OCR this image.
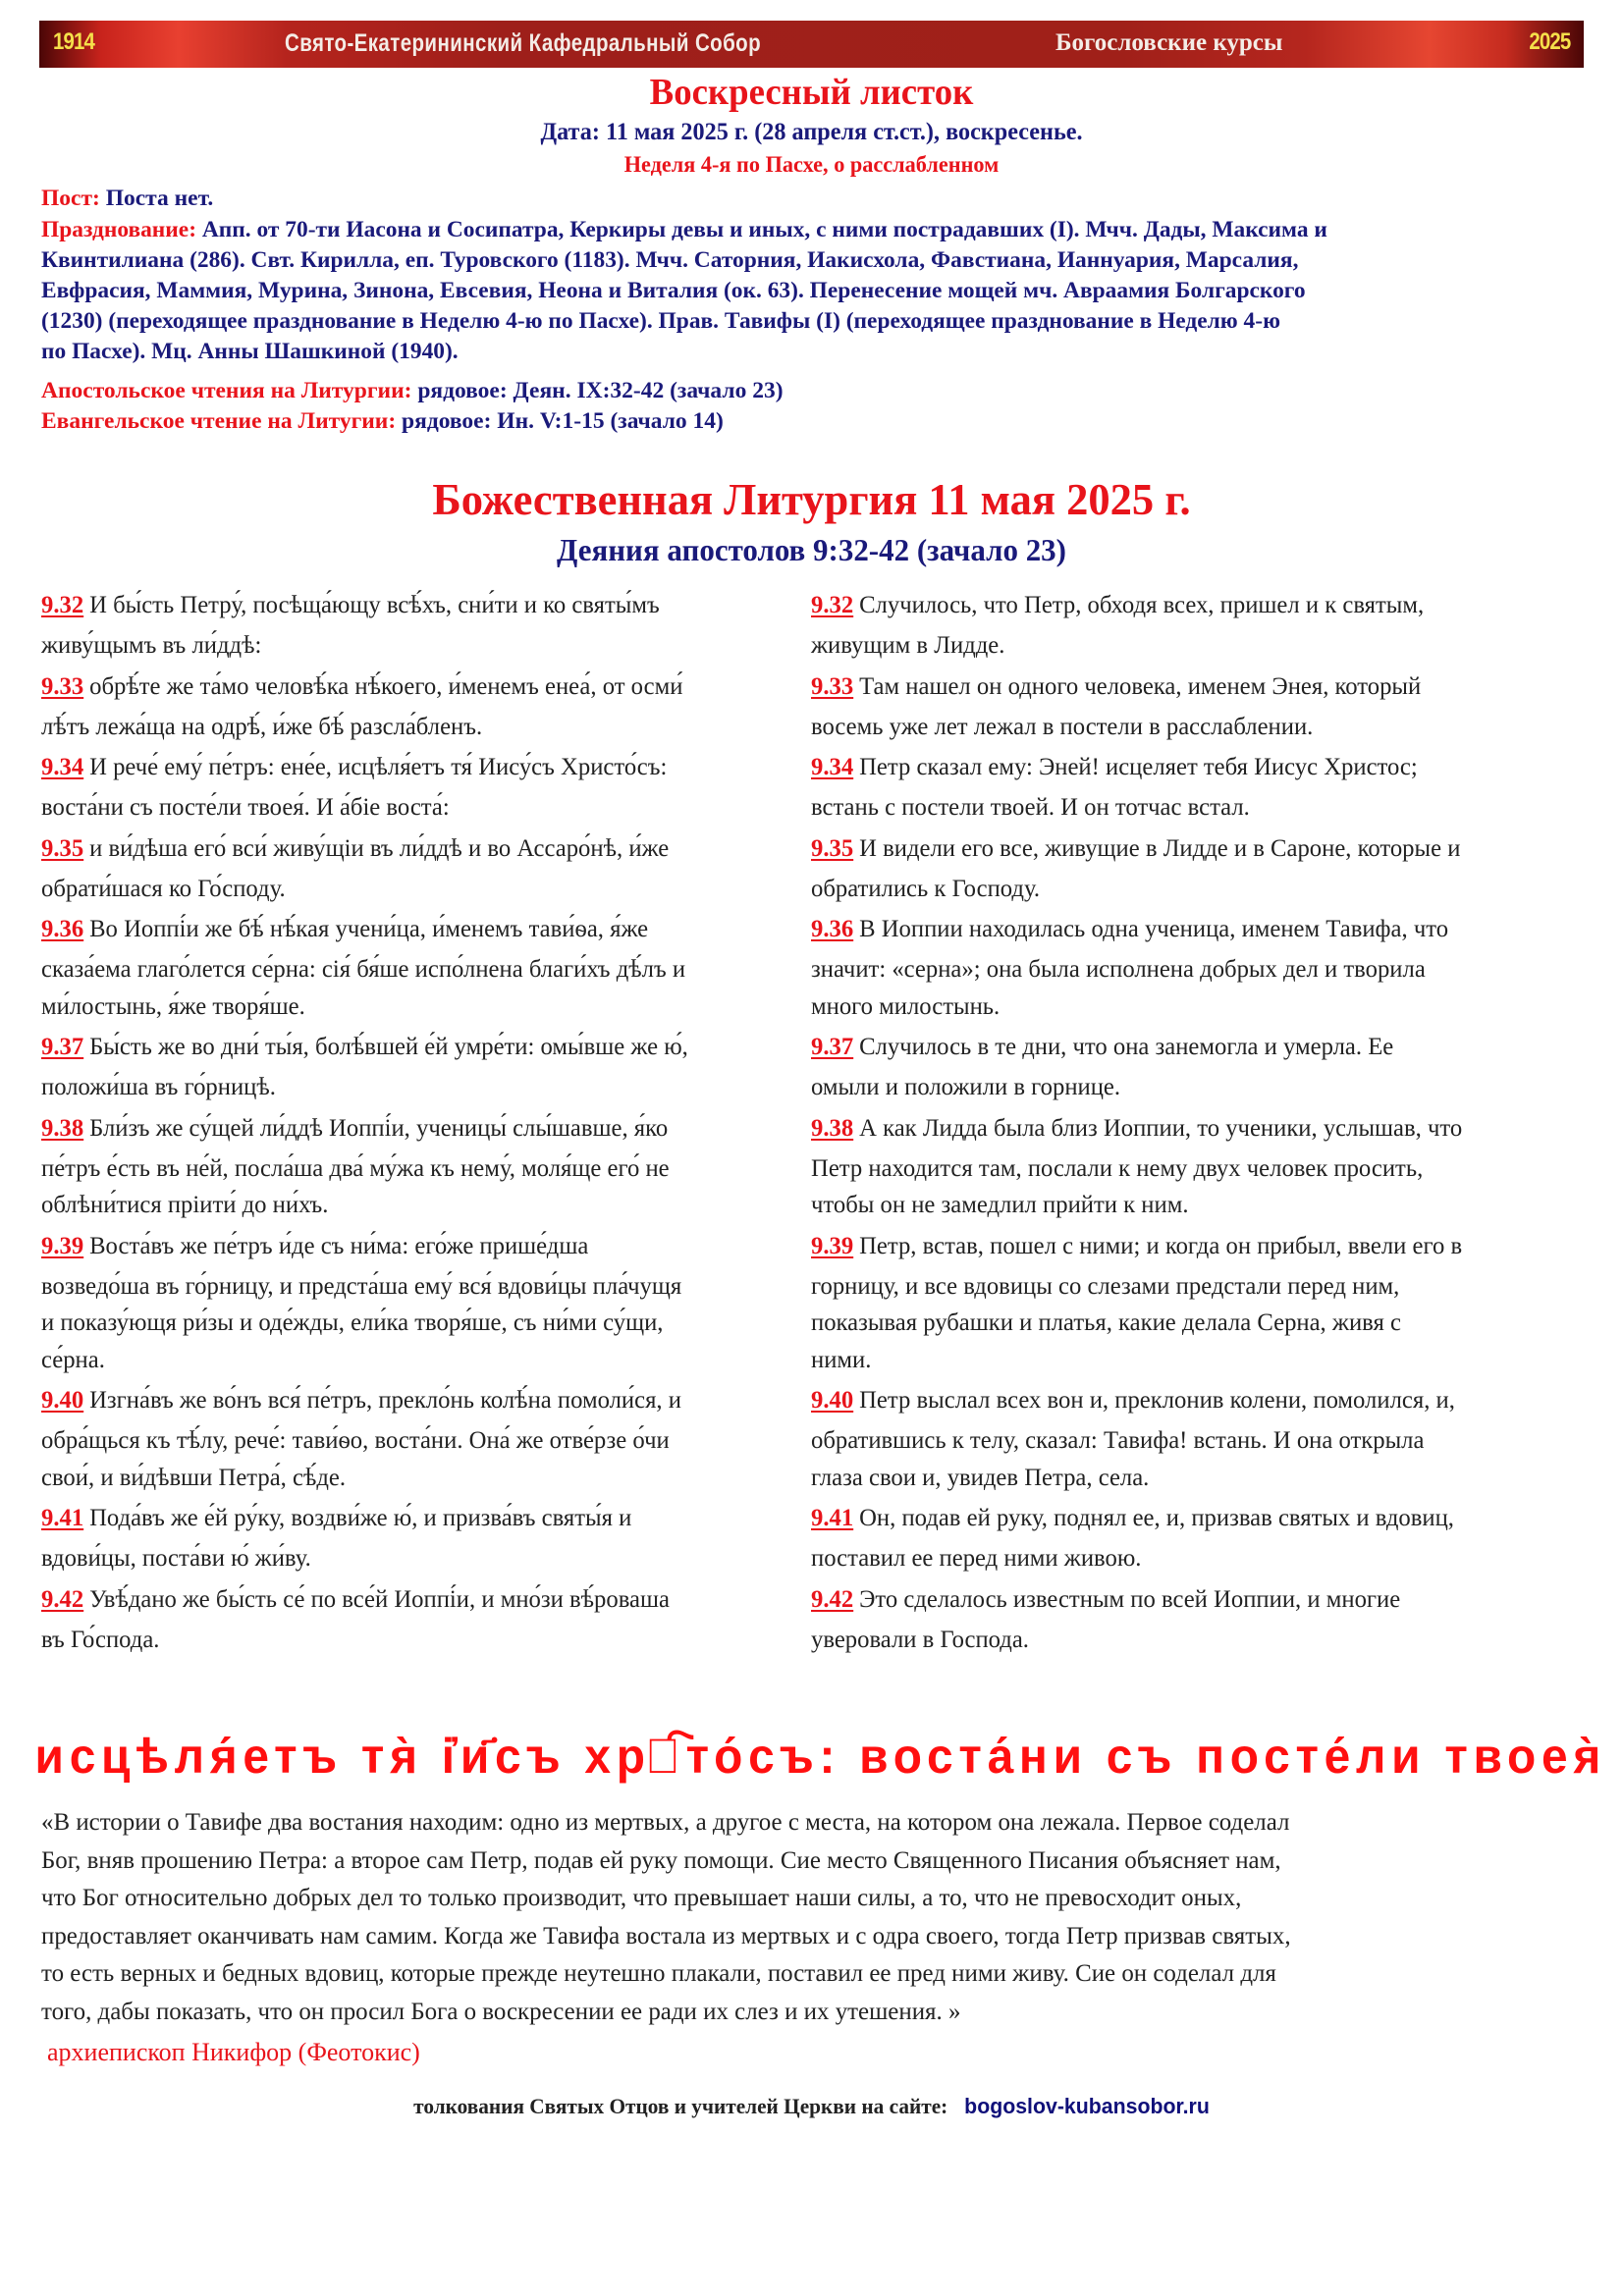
1914	Свято-Екатерининский Кафедральный Собор	Богословские курсы	2025
Воскресный листок
Дата: 11 мая 2025 г. (28 апреля ст.ст.), воскресенье.
Неделя 4-я по Пасхе, о расслабленном
Пост: Поста нет.
Празднование: Апп. от 70-ти Иасона и Сосипатра, Керкиры девы и иных, с ними пострадавших (I). Мчч. Дады, Максима и
Квинтилиана (286). Свт. Кирилла, еп. Туровского (1183). Мчч. Саторния, Иакисхола, Фавстиана, Ианнуария, Марсалия,
Евфрасия, Маммия, Мурина, Зинона, Евсевия, Неона и Виталия (ок. 63). Перенесение мощей мч. Авраамия Болгарского
(1230) (переходящее празднование в Неделю 4-ю по Пасхе). Прав. Тавифы (I) (переходящее празднование в Неделю 4-ю
по Пасхе). Мц. Анны Шашкиной (1940).
Апостольское чтения на Литургии: рядовое: Деян. IX:32-42 (зачало 23)
Евангельское чтение на Литугии: рядовое: Ин. V:1-15 (зачало 14)
Божественная Литургия 11 мая 2025 г.
Деяния апостолов 9:32-42 (зачало 23)
9.32 И бы́сть Петру́, посѣща́ющу всѣ́хъ, сни́ти и ко святы́мъ
живу́щымъ въ ли́ддѣ:
9.33 обрѣ́те же та́мо человѣ́ка нѣ́коего, и́менемъ енеа́, от осми́
лѣ́тъ лежа́ща на одрѣ́, и́же бѣ́ разсла́бленъ.
9.34 И рече́ ему́ пе́тръ: ене́е, исцѣля́етъ тя́ Иису́съ Христо́съ:
воста́ни съ посте́ли твоея́. И а́біе воста́:
9.35 и ви́дѣша его́ вси́ живу́щіи въ ли́ддѣ и во Ассаро́нѣ, и́же
обрати́шася ко Го́споду.
9.36 Во Иоппі́и же бѣ́ нѣ́кая учени́ца, и́менемъ тави́ѳа, я́же
сказа́ема глаго́лется се́рна: сія́ бя́ше испо́лнена благи́хъ дѣ́лъ и
ми́лостынь, я́же творя́ше.
9.37 Бы́сть же во дни́ ты́я, болѣ́вшей е́й умре́ти: омы́вше же ю́,
положи́ша въ го́рницѣ.
9.38 Бли́зъ же су́щей ли́ддѣ Иоппі́и, ученицы́ слы́шавше, я́ко
пе́тръ е́сть въ не́й, посла́ша два́ му́жа къ нему́, моля́ще его́ не
облѣни́тися пріити́ до ни́хъ.
9.39 Воста́въ же пе́тръ и́де съ ни́ма: его́же прише́дша
возведо́ша въ го́рницу, и предста́ша ему́ вся́ вдови́цы пла́чущя
и показу́ющя ри́зы и оде́жды, ели́ка творя́ше, съ ни́ми су́щи,
се́рна.
9.40 Изгна́въ же во́нъ вся́ пе́тръ, прекло́нь колѣ́на помоли́ся, и
обра́щься къ тѣ́лу, рече́: тави́ѳо, воста́ни. Она́ же отве́рзе о́чи
свои́, и ви́дѣвши Петра́, сѣ́де.
9.41 Пода́въ же е́й ру́ку, воздви́же ю́, и призва́въ святы́я и
вдови́цы, поста́ви ю́ жи́ву.
9.42 Увѣ́дано же бы́сть се́ по все́й Иоппі́и, и мно́зи вѣ́роваша
въ Го́спода.
9.32 Случилось, что Петр, обходя всех, пришел и к святым,
живущим в Лидде.
9.33 Там нашел он одного человека, именем Энея, который
восемь уже лет лежал в постели в расслаблении.
9.34 Петр сказал ему: Эней! исцеляет тебя Иисус Христос;
встань с постели твоей. И он тотчас встал.
9.35 И видели его все, живущие в Лидде и в Сароне, которые и
обратились к Господу.
9.36 В Иоппии находилась одна ученица, именем Тавифа, что
значит: «серна»; она была исполнена добрых дел и творила
много милостынь.
9.37 Случилось в те дни, что она занемогла и умерла. Ее
омыли и положили в горнице.
9.38 А как Лидда была близ Иоппии, то ученики, услышав, что
Петр находится там, послали к нему двух человек просить,
чтобы он не замедлил прийти к ним.
9.39 Петр, встав, пошел с ними; и когда он прибыл, ввели его в
горницу, и все вдовицы со слезами предстали перед ним,
показывая рубашки и платья, какие делала Серна, живя с
ними.
9.40 Петр выслал всех вон и, преклонив колени, помолился, и,
обратившись к телу, сказал: Тавифа! встань. И она открыла
глаза свои и, увидев Петра, села.
9.41 Он, подав ей руку, поднял ее, и, призвав святых и вдовиц,
поставил ее перед ними живою.
9.42 Это сделалось известным по всей Иоппии, и многие
уверовали в Господа.
исцѣля́етъ тя̀ і҆и҃съ хрⷭ҇то́съ: воста́ни съ посте́ли твоея̀
«В истории о Тавифе два востания находим: одно из мертвых, а другое с места, на котором она лежала. Первое соделал
Бог, вняв прошению Петра: а второе сам Петр, подав ей руку помощи. Сие место Священного Писания объясняет нам,
что Бог относительно добрых дел то только производит, что превышает наши силы, а то, что не превосходит оных,
предоставляет оканчивать нам самим. Когда же Тавифа востала из мертвых и с одра своего, тогда Петр призвав святых,
то есть верных и бедных вдовиц, которые прежде неутешно плакали, поставил ее пред ними живу. Сие он соделал для
того, дабы показать, что он просил Бога о воскресении ее ради их слез и их утешения. »
архиепископ Никифор (Феотокис)
толкования Святых Отцов и учителей Церкви на сайте: bogoslov-kubansobor.ru
